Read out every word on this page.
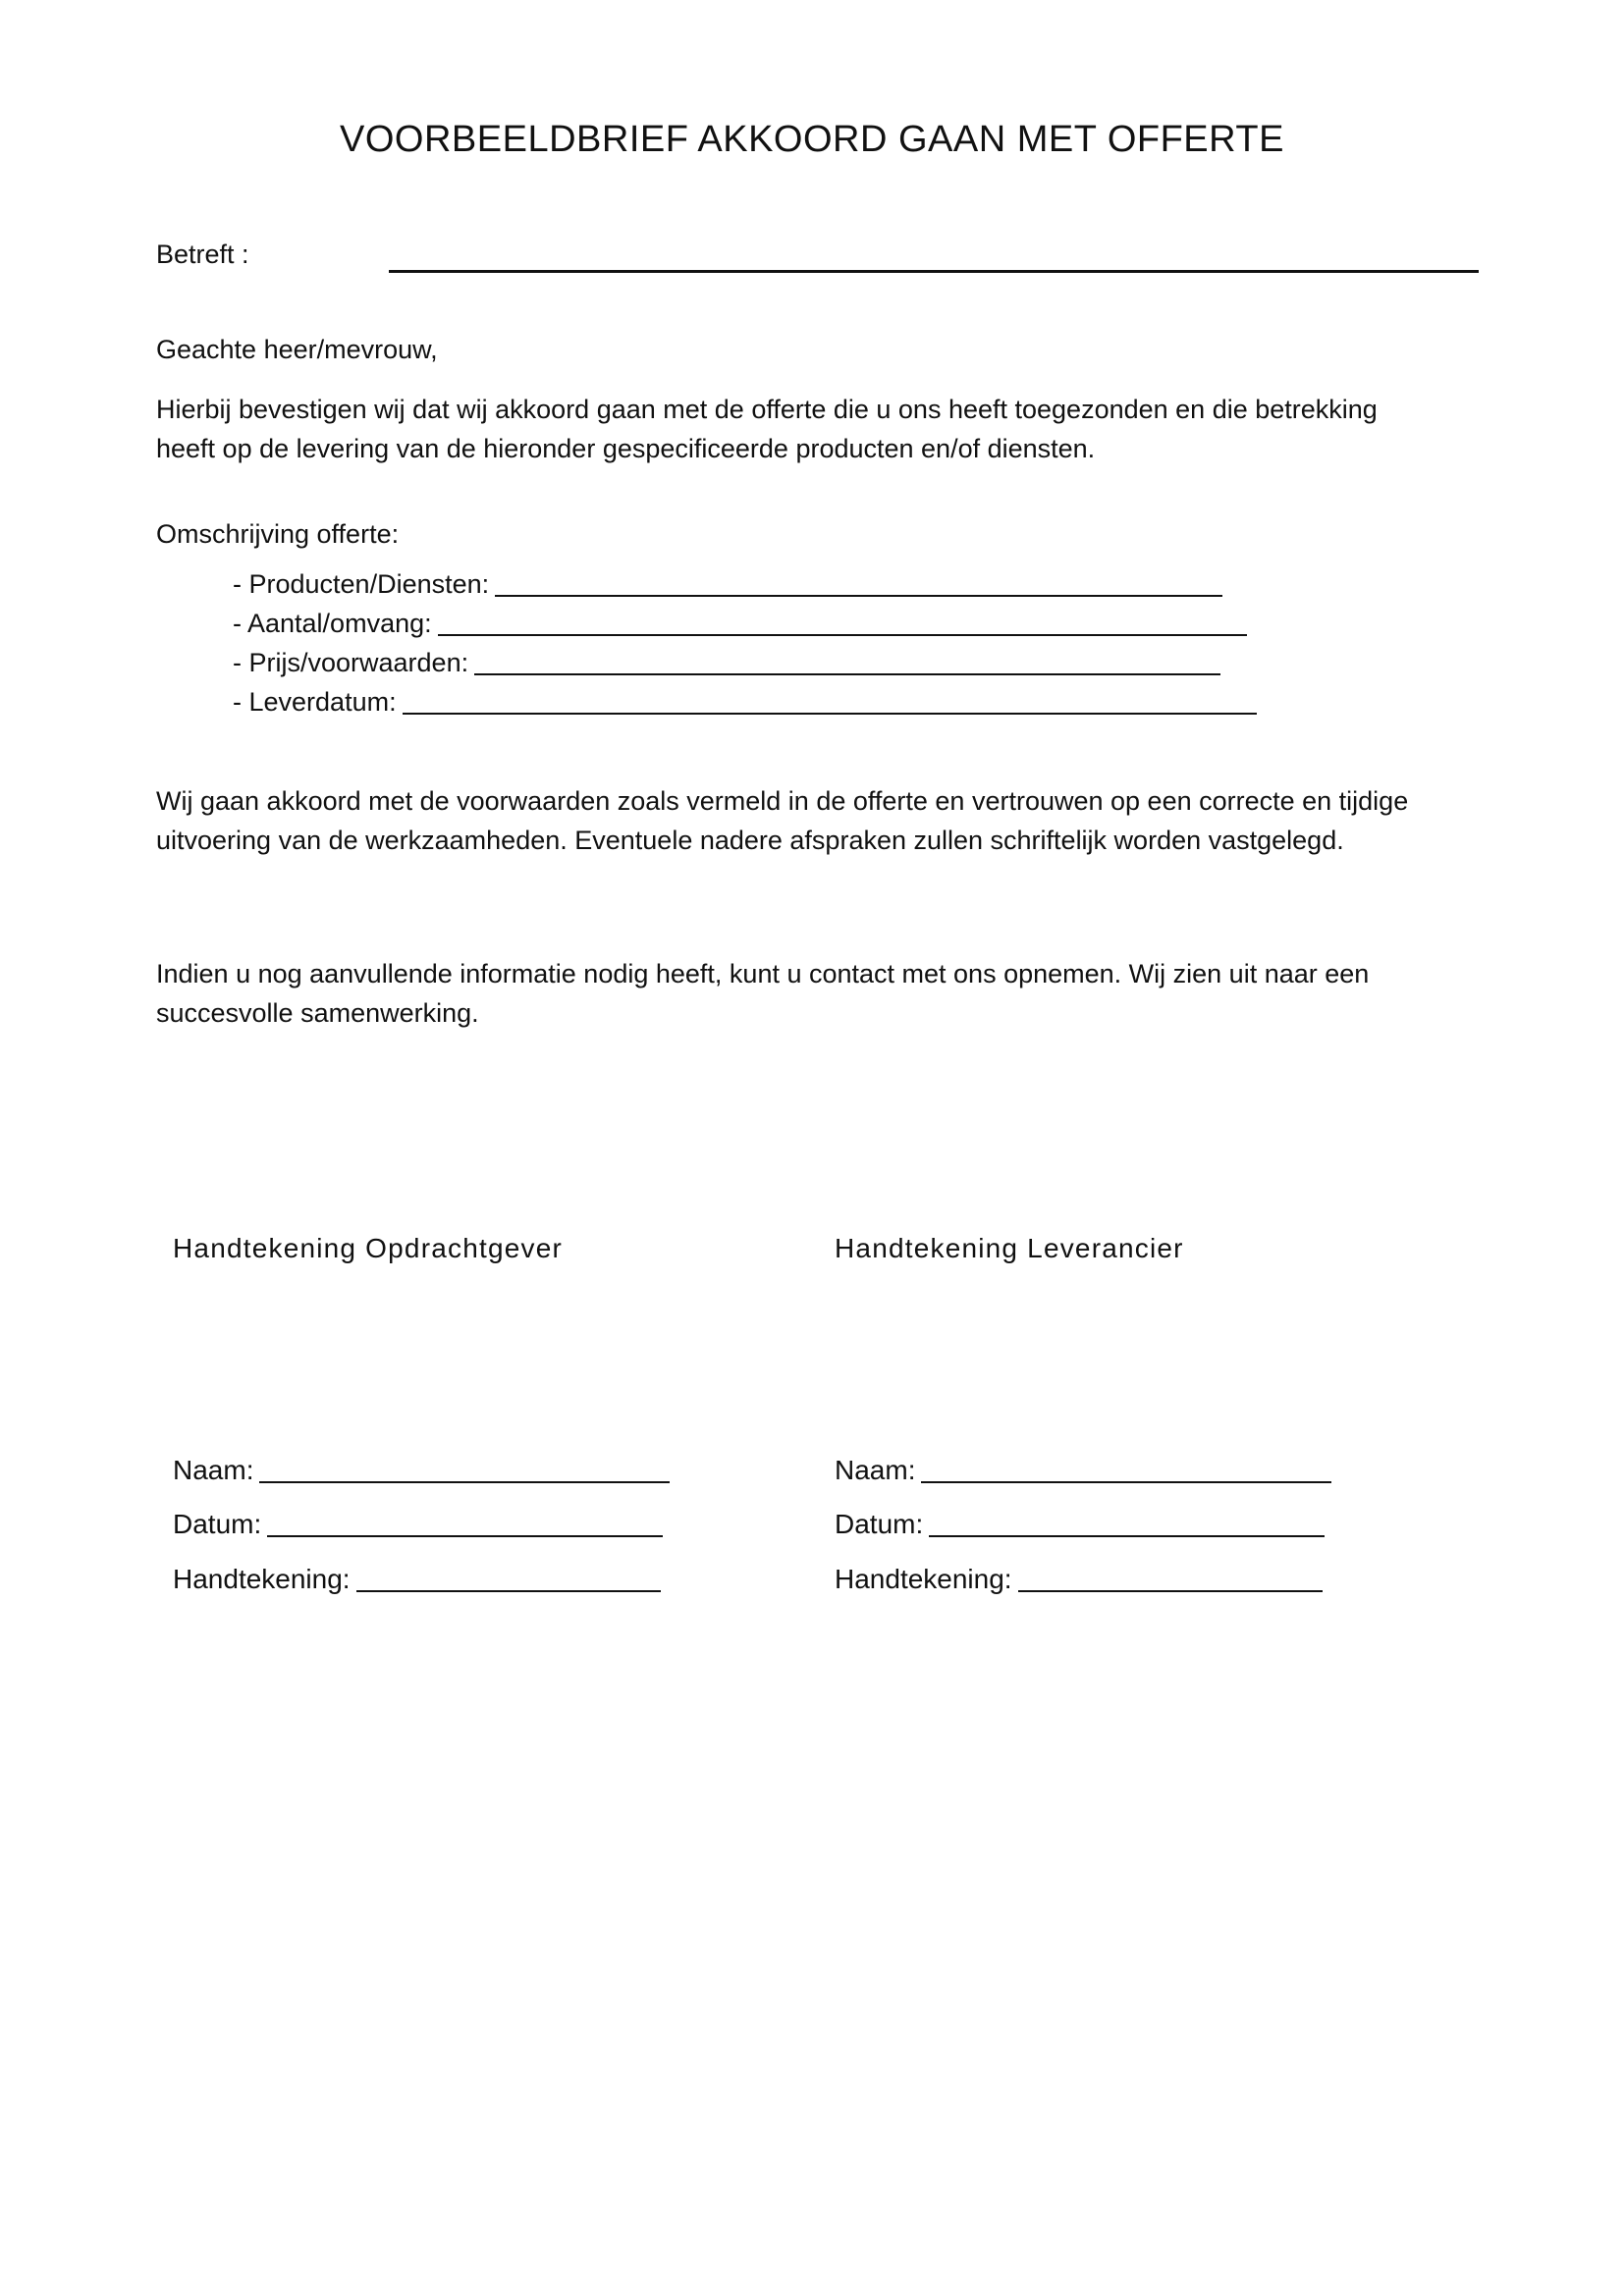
VOORBEELDBRIEF AKKOORD GAAN MET OFFERTE
Betreft :
Geachte heer/mevrouw,
Hierbij bevestigen wij dat wij akkoord gaan met de offerte die u ons heeft toegezonden en die betrekking
heeft op de levering van de hieronder gespecificeerde producten en/of diensten.
Omschrijving offerte:
- Producten/Diensten:
- Aantal/omvang:
- Prijs/voorwaarden:
- Leverdatum:
Wij gaan akkoord met de voorwaarden zoals vermeld in de offerte en vertrouwen op een correcte en tijdige
uitvoering van de werkzaamheden. Eventuele nadere afspraken zullen schriftelijk worden vastgelegd.
Indien u nog aanvullende informatie nodig heeft, kunt u contact met ons opnemen. Wij zien uit naar een
succesvolle samenwerking.
Handtekening Opdrachtgever
Naam:
Datum:
Handtekening:
Handtekening Leverancier
Naam:
Datum:
Handtekening:
